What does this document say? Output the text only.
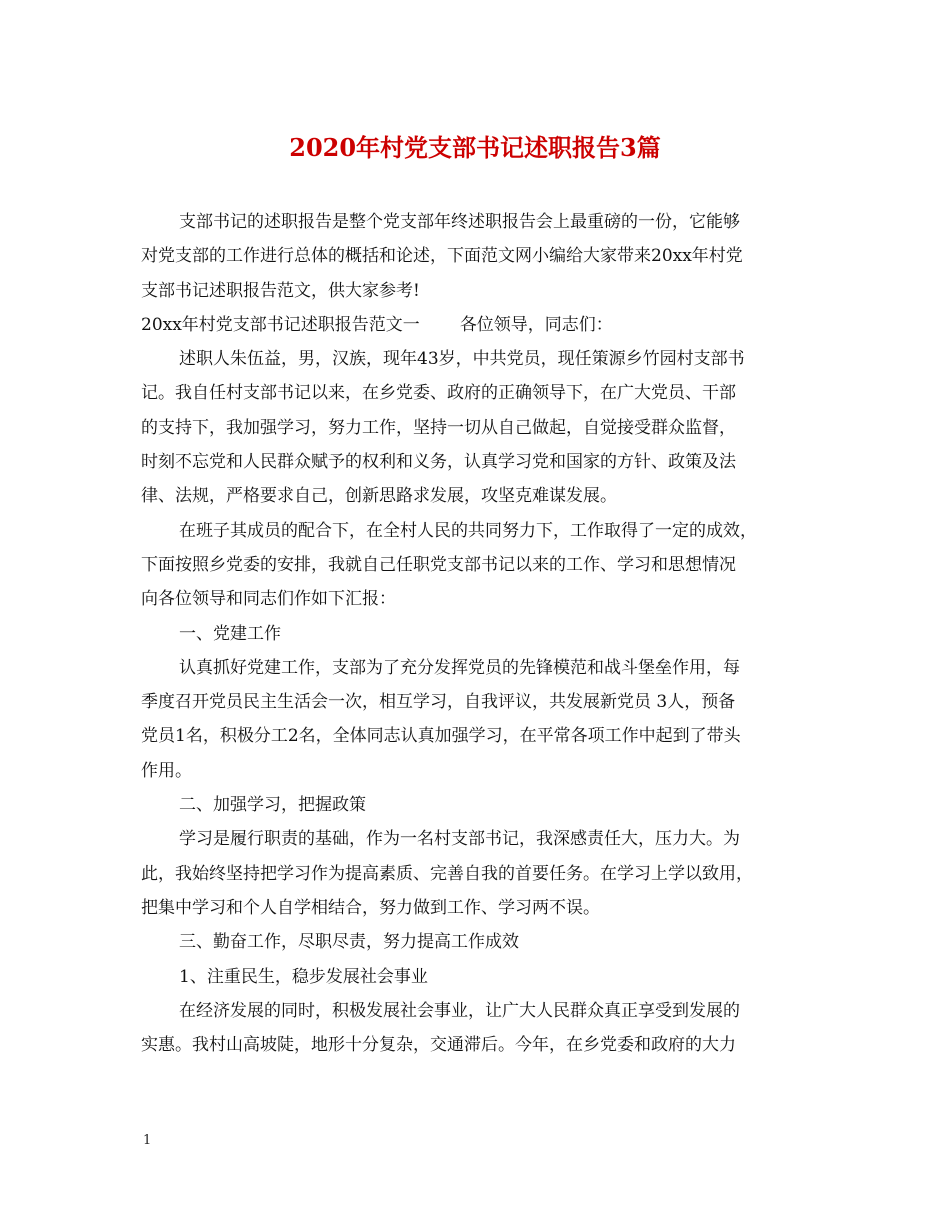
2020年村党支部书记述职报告3篇
支部书记的述职报告是整个党支部年终述职报告会上最重磅的一份，它能够
对党支部的工作进行总体的概括和论述，下面范文网小编给大家带来20xx年村党
支部书记述职报告范文，供大家参考!
20xx年村党支部书记述职报告范文一 各位领导，同志们：
述职人朱伍益，男，汉族，现年43岁，中共党员，现任策源乡竹园村支部书
记。我自任村支部书记以来，在乡党委、政府的正确领导下，在广大党员、干部
的支持下，我加强学习，努力工作，坚持一切从自己做起，自觉接受群众监督，
时刻不忘党和人民群众赋予的权利和义务，认真学习党和国家的方针、政策及法
律、法规，严格要求自己，创新思路求发展，攻坚克难谋发展。
在班子其成员的配合下，在全村人民的共同努力下，工作取得了一定的成效，
下面按照乡党委的安排，我就自己任职党支部书记以来的工作、学习和思想情况
向各位领导和同志们作如下汇报：
一、党建工作
认真抓好党建工作，支部为了充分发挥党员的先锋模范和战斗堡垒作用，每
季度召开党员民主生活会一次，相互学习，自我评议，共发展新党员 3人，预备
党员1名，积极分工2名，全体同志认真加强学习，在平常各项工作中起到了带头
作用。
二、加强学习，把握政策
学习是履行职责的基础，作为一名村支部书记，我深感责任大，压力大。为
此，我始终坚持把学习作为提高素质、完善自我的首要任务。在学习上学以致用，
把集中学习和个人自学相结合，努力做到工作、学习两不误。
三、勤奋工作，尽职尽责，努力提高工作成效
1、注重民生，稳步发展社会事业
在经济发展的同时，积极发展社会事业，让广大人民群众真正享受到发展的
实惠。我村山高坡陡，地形十分复杂，交通滞后。今年，在乡党委和政府的大力
1
